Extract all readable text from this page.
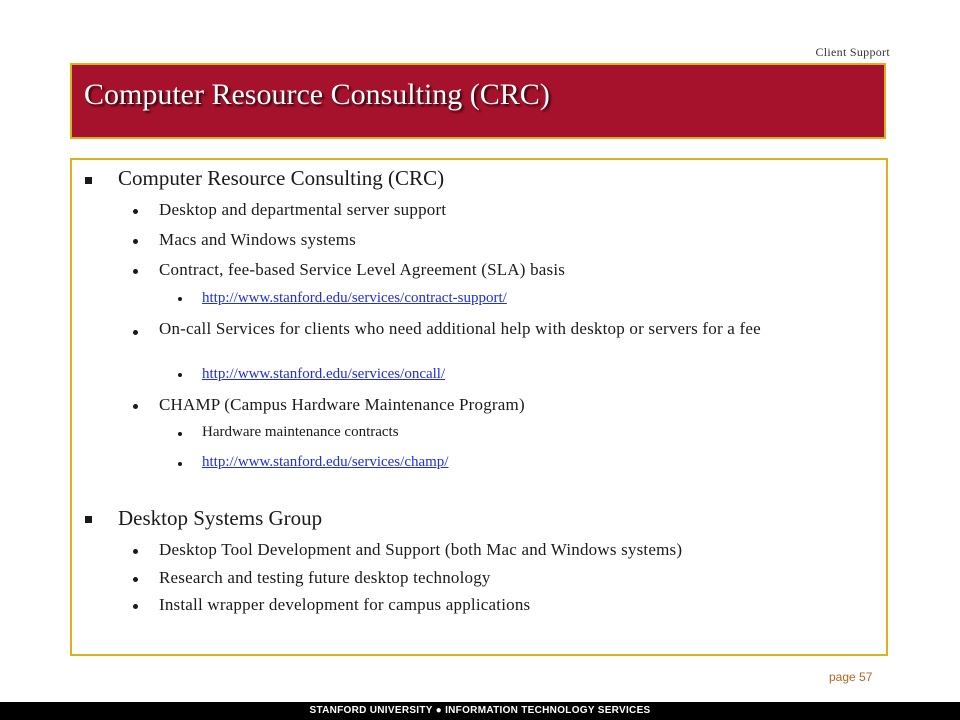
Client Support
Computer Resource Consulting (CRC)
Computer Resource Consulting (CRC)
Desktop and departmental server support
Macs and Windows systems
Contract, fee-based Service Level Agreement (SLA) basis
http://www.stanford.edu/services/contract-support/
On-call Services for clients who need additional help with desktop or servers for a fee
http://www.stanford.edu/services/oncall/
CHAMP (Campus Hardware Maintenance Program)
Hardware maintenance contracts
http://www.stanford.edu/services/champ/
Desktop Systems Group
Desktop Tool Development and Support (both Mac and Windows systems)
Research and testing future desktop technology
Install wrapper development for campus applications
page 57
STANFORD UNIVERSITY ● INFORMATION TECHNOLOGY SERVICES
